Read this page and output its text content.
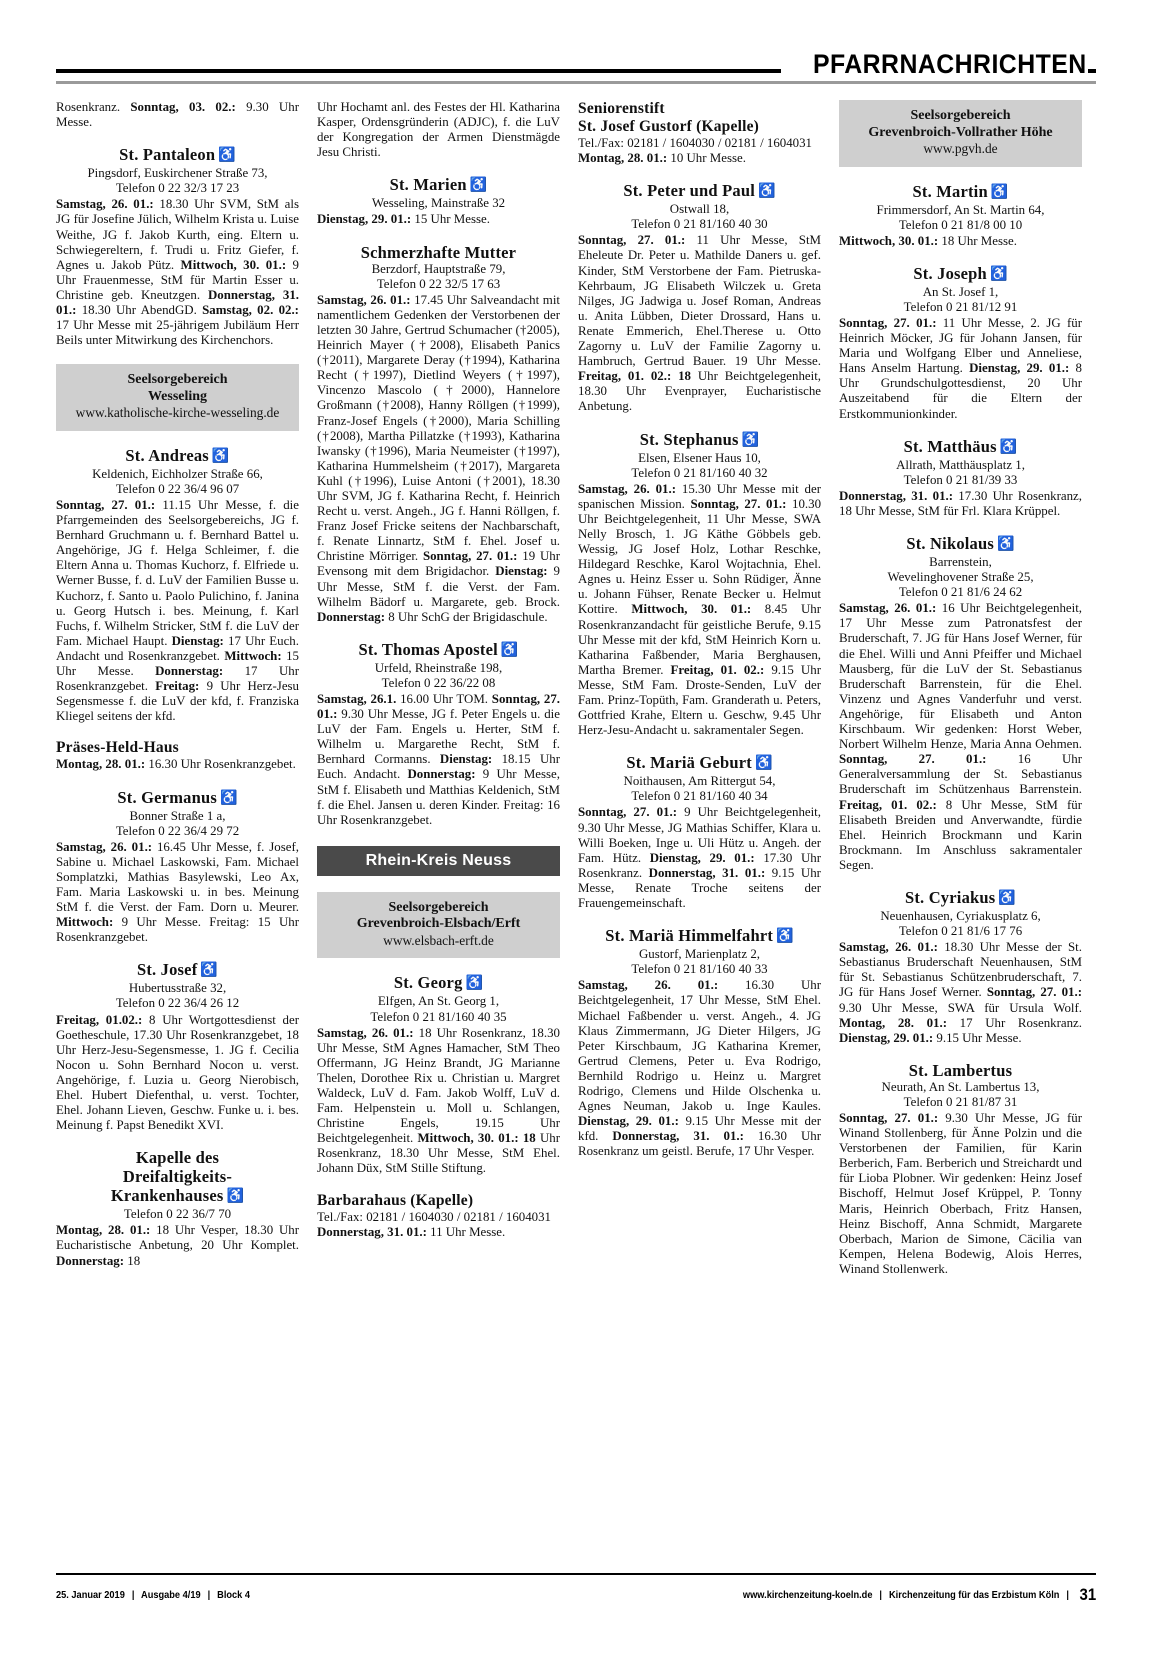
PFARRNACHRICHTEN

Rosenkranz. Sonntag, 03. 02.: 9.30 Uhr Messe.

St. Pantaleon ♿
Pingsdorf, Euskirchener Straße 73,
Telefon 0 22 32/3 17 23

Samstag, 26. 01.: 18.30 Uhr SVM, StM als JG für Josefine Jülich, Wilhelm Krista u. Luise Weithe, JG f. Jakob Kurth, eing. Eltern u. Schwiegereltern, f. Trudi u. Fritz Giefer, f. Agnes u. Jakob Pütz. Mittwoch, 30. 01.: 9 Uhr Frauenmesse, StM für Martin Esser u. Christine geb. Kneutzgen. Donnerstag, 31. 01.: 18.30 Uhr AbendGD. Samstag, 02. 02.: 17 Uhr Messe mit 25-jährigem Jubiläum Herr Beils unter Mitwirkung des Kirchenchors.

Seelsorgebereich
Wesseling
www.katholische-kirche-wesseling.de
St. Andreas ♿
Keldenich, Eichholzer Straße 66,
Telefon 0 22 36/4 96 07

Sonntag, 27. 01.: 11.15 Uhr Messe, f. die Pfarrgemeinden des Seelsorgebereichs, JG f. Bernhard Gruchmann u. f. Bernhard Battel u. Angehörige, JG f. Helga Schleimer, f. die Eltern Anna u. Thomas Kuchorz, f. Elfriede u. Werner Busse, f. d. LuV der Familien Busse u. Kuchorz, f. Santo u. Paolo Pulichino, f. Janina u. Georg Hutsch i. bes. Meinung, f. Karl Fuchs, f. Wilhelm Stricker, StM f. die LuV der Fam. Michael Haupt. Dienstag: 17 Uhr Euch. Andacht und Rosenkranzgebet. Mittwoch: 15 Uhr Messe. Donnerstag: 17 Uhr Rosenkranzgebet. Freitag: 9 Uhr Herz-Jesu Segensmesse f. die LuV der kfd, f. Franziska Kliegel seitens der kfd.

Präses-Held-Haus

Montag, 28. 01.: 16.30 Uhr Rosenkranzgebet.

St. Germanus ♿
Bonner Straße 1 a,
Telefon 0 22 36/4 29 72

Samstag, 26. 01.: 16.45 Uhr Messe, f. Josef, Sabine u. Michael Laskowski, Fam. Michael Somplatzki, Mathias Basylewski, Leo Ax, Fam. Maria Laskowski u. in bes. Meinung StM f. die Verst. der Fam. Dorn u. Meurer. Mittwoch: 9 Uhr Messe. Freitag: 15 Uhr Rosenkranzgebet.

St. Josef ♿
Hubertusstraße 32,
Telefon 0 22 36/4 26 12

Freitag, 01.02.: 8 Uhr Wortgottesdienst der Goetheschule, 17.30 Uhr Rosenkranzgebet, 18 Uhr Herz-Jesu-Segensmesse, 1. JG f. Cecilia Nocon u. Sohn Bernhard Nocon u. verst. Angehörige, f. Luzia u. Georg Nierobisch, Ehel. Hubert Diefenthal, u. verst. Tochter, Ehel. Johann Lieven, Geschw. Funke u. i. bes. Meinung f. Papst Benedikt XVI.

Kapelle des
Dreifaltigkeits-
Krankenhauses ♿
Telefon 0 22 36/7 70

Montag, 28. 01.: 18 Uhr Vesper, 18.30 Uhr Eucharistische Anbetung, 20 Uhr Komplet. Donnerstag: 18

Uhr Hochamt anl. des Festes der Hl. Katharina Kasper, Ordensgründerin (ADJC), f. die LuV der Kongregation der Armen Dienstmägde Jesu Christi.

St. Marien ♿
Wesseling, Mainstraße 32

Dienstag, 29. 01.: 15 Uhr Messe.

Schmerzhafte Mutter
Berzdorf, Hauptstraße 79,
Telefon 0 22 32/5 17 63

Samstag, 26. 01.: 17.45 Uhr Salveandacht mit namentlichem Gedenken der Verstorbenen der letzten 30 Jahre, Gertrud Schumacher (†2005), Heinrich Mayer (†2008), Elisabeth Panics (†2011), Margarete Deray (†1994), Katharina Recht (†1997), Dietlind Weyers (†1997), Vincenzo Mascolo (†2000), Hannelore Großmann (†2008), Hanny Röllgen (†1999), Franz-Josef Engels (†2000), Maria Schilling (†2008), Martha Pillatzke (†1993), Katharina Iwansky (†1996), Maria Neumeister (†1997), Katharina Hummelsheim (†2017), Margareta Kuhl (†1996), Luise Antoni (†2001), 18.30 Uhr SVM, JG f. Katharina Recht, f. Heinrich Recht u. verst. Angeh., JG f. Hanni Röllgen, f. Franz Josef Fricke seitens der Nachbarschaft, f. Renate Linnartz, StM f. Ehel. Josef u. Christine Mörriger. Sonntag, 27. 01.: 19 Uhr Evensong mit dem Brigidachor. Dienstag: 9 Uhr Messe, StM f. die Verst. der Fam. Wilhelm Bädorf u. Margarete, geb. Brock. Donnerstag: 8 Uhr SchG der Brigidaschule.

St. Thomas Apostel ♿
Urfeld, Rheinstraße 198,
Telefon 0 22 36/22 08

Samstag, 26.1. 16.00 Uhr TOM. Sonntag, 27. 01.: 9.30 Uhr Messe, JG f. Peter Engels u. die LuV der Fam. Engels u. Herter, StM f. Wilhelm u. Margarethe Recht, StM f. Bernhard Cormanns. Dienstag: 18.15 Uhr Euch. Andacht. Donnerstag: 9 Uhr Messe, StM f. Elisabeth und Matthias Keldenich, StM f. die Ehel. Jansen u. deren Kinder. Freitag: 16 Uhr Rosenkranzgebet.

Rhein-Kreis Neuss
Seelsorgebereich
Grevenbroich-Elsbach/Erft
www.elsbach-erft.de
St. Georg ♿
Elfgen, An St. Georg 1,
Telefon 0 21 81/160 40 35

Samstag, 26. 01.: 18 Uhr Rosenkranz, 18.30 Uhr Messe, StM Agnes Hamacher, StM Theo Offermann, JG Heinz Brandt, JG Marianne Thelen, Dorothee Rix u. Christian u. Margret Waldeck, LuV d. Fam. Jakob Wolff, LuV d. Fam. Helpenstein u. Moll u. Schlangen, Christine Engels, 19.15 Uhr Beichtgelegenheit. Mittwoch, 30. 01.: 18 Uhr Rosenkranz, 18.30 Uhr Messe, StM Ehel. Johann Düx, StM Stille Stiftung.

Barbarahaus (Kapelle)

Tel./Fax: 02181 / 1604030 / 02181 / 1604031

Donnerstag, 31. 01.: 11 Uhr Messe.

Seniorenstift
St. Josef Gustorf (Kapelle)

Tel./Fax: 02181 / 1604030 / 02181 / 1604031

Montag, 28. 01.: 10 Uhr Messe.

St. Peter und Paul ♿
Ostwall 18,
Telefon 0 21 81/160 40 30

Sonntag, 27. 01.: 11 Uhr Messe, StM Eheleute Dr. Peter u. Mathilde Daners u. gef. Kinder, StM Verstorbene der Fam. Pietruska-Kehrbaum, JG Elisabeth Wilczek u. Greta Nilges, JG Jadwiga u. Josef Roman, Andreas u. Anita Lübben, Dieter Drossard, Hans u. Renate Emmerich, Ehel.Therese u. Otto Zagorny u. LuV der Familie Zagorny u. Hambruch, Gertrud Bauer. 19 Uhr Messe. Freitag, 01. 02.: 18 Uhr Beichtgelegenheit, 18.30 Uhr Evenprayer, Eucharistische Anbetung.

St. Stephanus ♿
Elsen, Elsener Haus 10,
Telefon 0 21 81/160 40 32

Samstag, 26. 01.: 15.30 Uhr Messe mit der spanischen Mission. Sonntag, 27. 01.: 10.30 Uhr Beichtgelegenheit, 11 Uhr Messe, SWA Nelly Brosch, 1. JG Käthe Göbbels geb. Wessig, JG Josef Holz, Lothar Reschke, Hildegard Reschke, Karol Wojtachnia, Ehel. Agnes u. Heinz Esser u. Sohn Rüdiger, Änne u. Johann Fühser, Renate Becker u. Helmut Kottire. Mittwoch, 30. 01.: 8.45 Uhr Rosenkranzandacht für geistliche Berufe, 9.15 Uhr Messe mit der kfd, StM Heinrich Korn u. Katharina Faßbender, Maria Berghausen, Martha Bremer. Freitag, 01. 02.: 9.15 Uhr Messe, StM Fam. Droste-Senden, LuV der Fam. Prinz-Topüth, Fam. Granderath u. Peters, Gottfried Krahe, Eltern u. Geschw, 9.45 Uhr Herz-Jesu-Andacht u. sakramentaler Segen.

St. Mariä Geburt ♿
Noithausen, Am Rittergut 54,
Telefon 0 21 81/160 40 34

Sonntag, 27. 01.: 9 Uhr Beichtgelegenheit, 9.30 Uhr Messe, JG Mathias Schiffer, Klara u. Willi Boeken, Inge u. Uli Hütz u. Angeh. der Fam. Hütz. Dienstag, 29. 01.: 17.30 Uhr Rosenkranz. Donnerstag, 31. 01.: 9.15 Uhr Messe, Renate Troche seitens der Frauengemeinschaft.

St. Mariä Himmelfahrt ♿
Gustorf, Marienplatz 2,
Telefon 0 21 81/160 40 33

Samstag, 26. 01.: 16.30 Uhr Beichtgelegenheit, 17 Uhr Messe, StM Ehel. Michael Faßbender u. verst. Angeh., 4. JG Klaus Zimmermann, JG Dieter Hilgers, JG Peter Kirschbaum, JG Katharina Kremer, Gertrud Clemens, Peter u. Eva Rodrigo, Bernhild Rodrigo u. Heinz u. Margret Rodrigo, Clemens und Hilde Olschenka u. Agnes Neuman, Jakob u. Inge Kaules. Dienstag, 29. 01.: 9.15 Uhr Messe mit der kfd. Donnerstag, 31. 01.: 16.30 Uhr Rosenkranz um geistl. Berufe, 17 Uhr Vesper.

Seelsorgebereich
Grevenbroich-Vollrather Höhe
www.pgvh.de
St. Martin ♿
Frimmersdorf, An St. Martin 64,
Telefon 0 21 81/8 00 10

Mittwoch, 30. 01.: 18 Uhr Messe.

St. Joseph ♿
An St. Josef 1,
Telefon 0 21 81/12 91

Sonntag, 27. 01.: 11 Uhr Messe, 2. JG für Heinrich Möcker, JG für Johann Jansen, für Maria und Wolfgang Elber und Anneliese, Hans Anselm Hartung. Dienstag, 29. 01.: 8 Uhr Grundschulgottesdienst, 20 Uhr Auszeitabend für die Eltern der Erstkommunionkinder.

St. Matthäus ♿
Allrath, Matthäusplatz 1,
Telefon 0 21 81/39 33

Donnerstag, 31. 01.: 17.30 Uhr Rosenkranz, 18 Uhr Messe, StM für Frl. Klara Krüppel.

St. Nikolaus ♿
Barrenstein,
Wevelinghovener Straße 25,
Telefon 0 21 81/6 24 62

Samstag, 26. 01.: 16 Uhr Beichtgelegenheit, 17 Uhr Messe zum Patronatsfest der Bruderschaft, 7. JG für Hans Josef Werner, für die Ehel. Willi und Anni Pfeiffer und Michael Mausberg, für die LuV der St. Sebastianus Bruderschaft Barrenstein, für die Ehel. Vinzenz und Agnes Vanderfuhr und verst. Angehörige, für Elisabeth und Anton Kirschbaum. Wir gedenken: Horst Weber, Norbert Wilhelm Henze, Maria Anna Oehmen. Sonntag, 27. 01.: 16 Uhr Generalversammlung der St. Sebastianus Bruderschaft im Schützenhaus Barrenstein. Freitag, 01. 02.: 8 Uhr Messe, StM für Elisabeth Breiden und Anverwandte, fürdie Ehel. Heinrich Brockmann und Karin Brockmann. Im Anschluss sakramentaler Segen.

St. Cyriakus ♿
Neuenhausen, Cyriakusplatz 6,
Telefon 0 21 81/6 17 76

Samstag, 26. 01.: 18.30 Uhr Messe der St. Sebastianus Bruderschaft Neuenhausen, StM für St. Sebastianus Schützenbruderschaft, 7. JG für Hans Josef Werner. Sonntag, 27. 01.: 9.30 Uhr Messe, SWA für Ursula Wolf. Montag, 28. 01.: 17 Uhr Rosenkranz. Dienstag, 29. 01.: 9.15 Uhr Messe.

St. Lambertus
Neurath, An St. Lambertus 13,
Telefon 0 21 81/87 31

Sonntag, 27. 01.: 9.30 Uhr Messe, JG für Winand Stollenberg, für Änne Polzin und die Verstorbenen der Familien, für Karin Berberich, Fam. Berberich und Streichardt und für Lioba Plobner. Wir gedenken: Heinz Josef Bischoff, Helmut Josef Krüppel, P. Tonny Maris, Heinrich Oberbach, Fritz Hansen, Heinz Bischoff, Anna Schmidt, Margarete Oberbach, Marion de Simone, Cäcilia van Kempen, Helena Bodewig, Alois Herres, Winand Stollenwerk.

25. Januar 2019 | Ausgabe 4/19 | Block 4	www.kirchenzeitung-koeln.de | Kirchenzeitung für das Erzbistum Köln | 31
